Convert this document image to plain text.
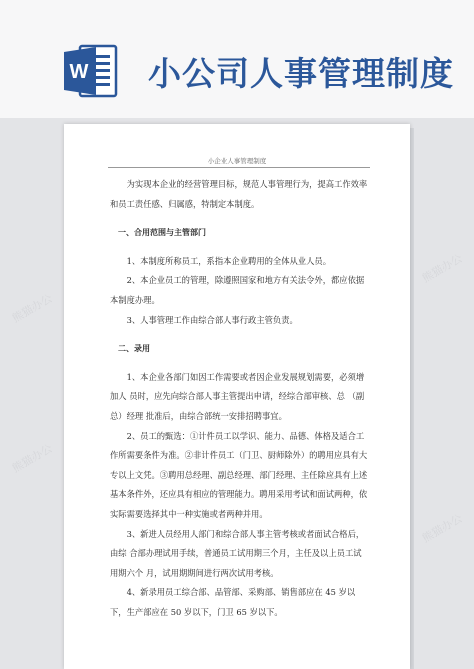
W 小公司人事管理制度
小企业人事管理制度

为实现本企业的经营管理目标，规范人事管理行为，提高工作效率和员工责任感、归属感，特制定本制度。

一、合用范围与主管部门

1、本制度所称员工，系指本企业聘用的全体从业人员。

2、本企业员工的管理，除遵照国家和地方有关法令外，都应依据本制度办理。

3、人事管理工作由综合部人事行政主管负责。

二、录用

1、本企业各部门如因工作需要或者因企业发展规划需要，必须增加人 员时，应先向综合部人事主管提出申请，经综合部审核、总 （副总）经理 批准后，由综合部统一安排招聘事宜。

2、员工的甄选：①计件员工以学识、能力、品德、体格及适合工作所需要条件为准。②非计件员工（门卫、厨师除外）的聘用应具有大专以上文凭。③聘用总经理、副总经理、部门经理、主任除应具有上述基本条件外，还应具有相应的管理能力。聘用采用考试和面试两种，依实际需要选择其中一种实施或者两种并用。

3、新进人员经用人部门和综合部人事主管考核或者面试合格后，由综 合部办理试用手续，普通员工试用期三个月，主任及以上员工试用期六个 月，试用期期间进行两次试用考核。

4、新录用员工综合部、品管部、采购部、销售部应在 45 岁以下，生产部应在 50 岁以下，门卫 65 岁以下。

熊猫办公
熊猫办公
熊猫办公
熊猫办公
